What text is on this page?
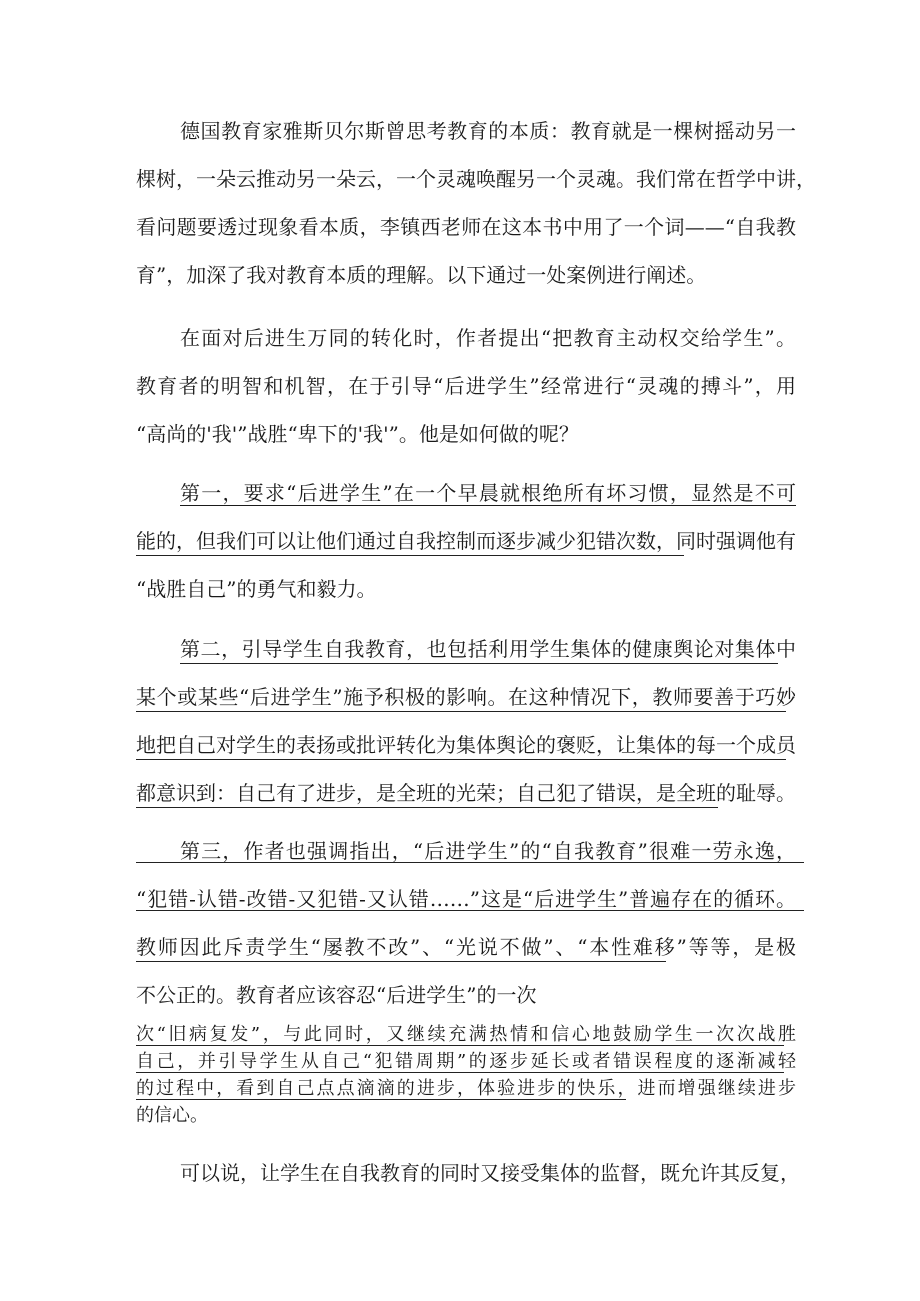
德国教育家雅斯贝尔斯曾思考教育的本质：教育就是一棵树摇动另一

棵树，一朵云推动另一朵云，一个灵魂唤醒另一个灵魂。我们常在哲学中讲，

看问题要透过现象看本质，李镇西老师在这本书中用了一个词——“自我教

育”，加深了我对教育本质的理解。以下通过一处案例进行阐述。

在面对后进生万同的转化时，作者提出“把教育主动权交给学生”。

教育者的明智和机智，在于引导“后进学生”经常进行“灵魂的搏斗”，用

“高尚的'我'”战胜“卑下的'我'”。他是如何做的呢？

第一，要求“后进学生”在一个早晨就根绝所有坏习惯，显然是不可

能的，但我们可以让他们通过自我控制而逐步减少犯错次数，同时强调他有

“战胜自己”的勇气和毅力。

第二，引导学生自我教育，也包括利用学生集体的健康舆论对集体中

某个或某些“后进学生”施予积极的影响。在这种情况下，教师要善于巧妙

地把自己对学生的表扬或批评转化为集体舆论的褒贬，让集体的每一个成员

都意识到：自己有了进步，是全班的光荣；自己犯了错误，是全班的耻辱。

第三，作者也强调指出，“后进学生”的“自我教育”很难一劳永逸，

“犯错-认错-改错-又犯错-又认错……”这是“后进学生”普遍存在的循环。

教师因此斥责学生“屡教不改”、“光说不做”、“本性难移”等等，是极

不公正的。教育者应该容忍“后进学生”的一次

次“旧病复发”，与此同时，又继续充满热情和信心地鼓励学生一次次战胜

自己，并引导学生从自己“犯错周期”的逐步延长或者错误程度的逐渐减轻

的过程中，看到自己点点滴滴的进步，体验进步的快乐，进而增强继续进步

的信心。

可以说，让学生在自我教育的同时又接受集体的监督，既允许其反复，
